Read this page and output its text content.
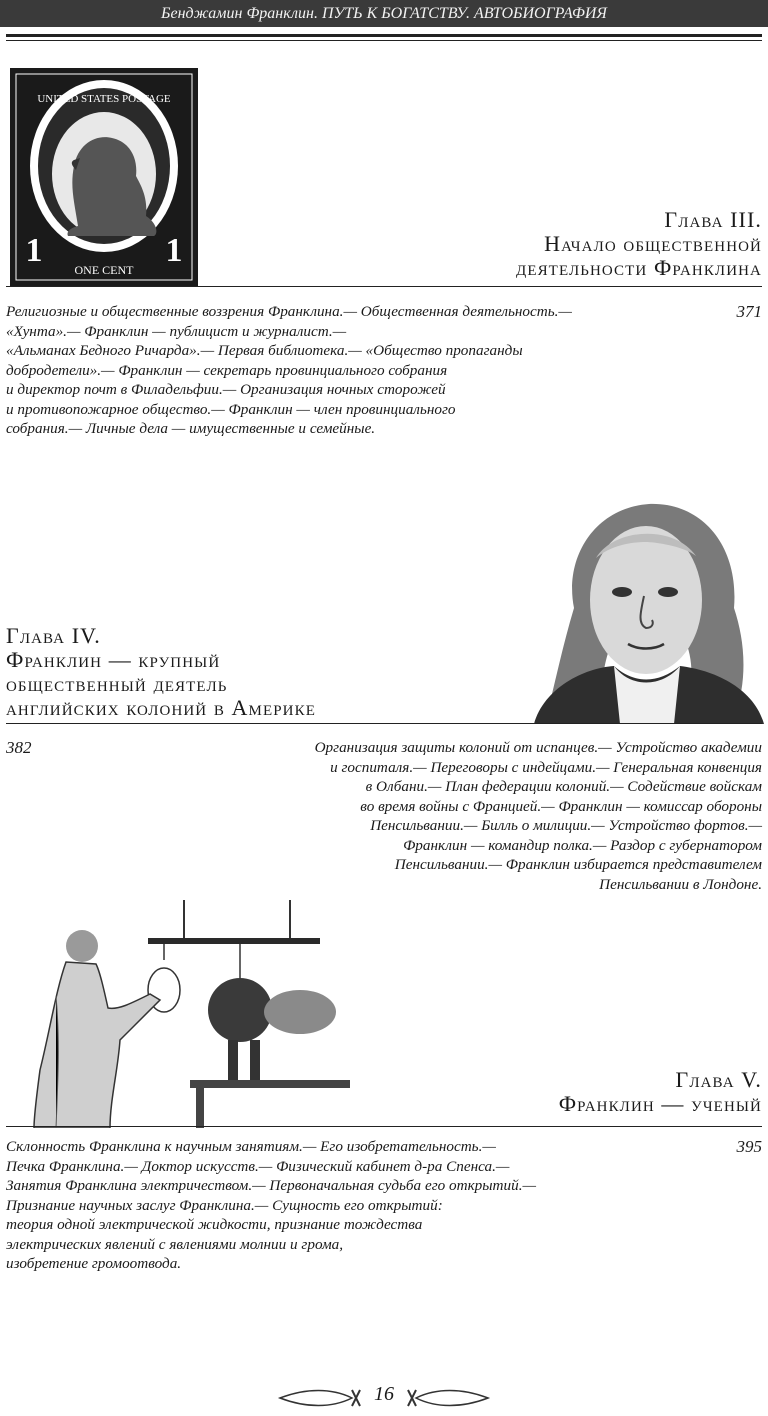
Бенджамин Франклин. ПУТЬ К БОГАТСТВУ. АВТОБИОГРАФИЯ
UNITED STATES POSTAGE
1	1
ONE CENT
Глава III.
Начало общественной
деятельности Франклина
371
Религиозные и общественные воззрения Франклина.— Общественная деятельность.—
«Хунта».— Франклин — публицист и журналист.—
«Альманах Бедного Ричарда».— Первая библиотека.— «Общество пропаганды
добродетели».— Франклин — секретарь провинциального собрания
и директор почт в Филадельфии.— Организация ночных сторожей
и противопожарное общество.— Франклин — член провинциального
собрания.— Личные дела — имущественные и семейные.
Глава IV.
Франклин — крупный
общественный деятель
английских колоний в Америке
382	Организация защиты колоний от испанцев.— Устройство академии
и госпиталя.— Переговоры с индейцами.— Генеральная конвенция
в Олбани.— План федерации колоний.— Содействие войскам
во время войны с Францией.— Франклин — комиссар обороны
Пенсильвании.— Билль о милиции.— Устройство фортов.—
Франклин — командир полка.— Раздор с губернатором
Пенсильвании.— Франклин избирается представителем
Пенсильвании в Лондоне.
Глава V.
Франклин — ученый
395
Склонность Франклина к научным занятиям.— Его изобретательность.—
Печка Франклина.— Доктор искусств.— Физический кабинет д-ра Спенса.—
Занятия Франклина электричеством.— Первоначальная судьба его открытий.—
Признание научных заслуг Франклина.— Сущность его открытий:
теория одной электрической жидкости, признание тождества
электрических явлений с явлениями молнии и грома,
изобретение громоотвода.
16
